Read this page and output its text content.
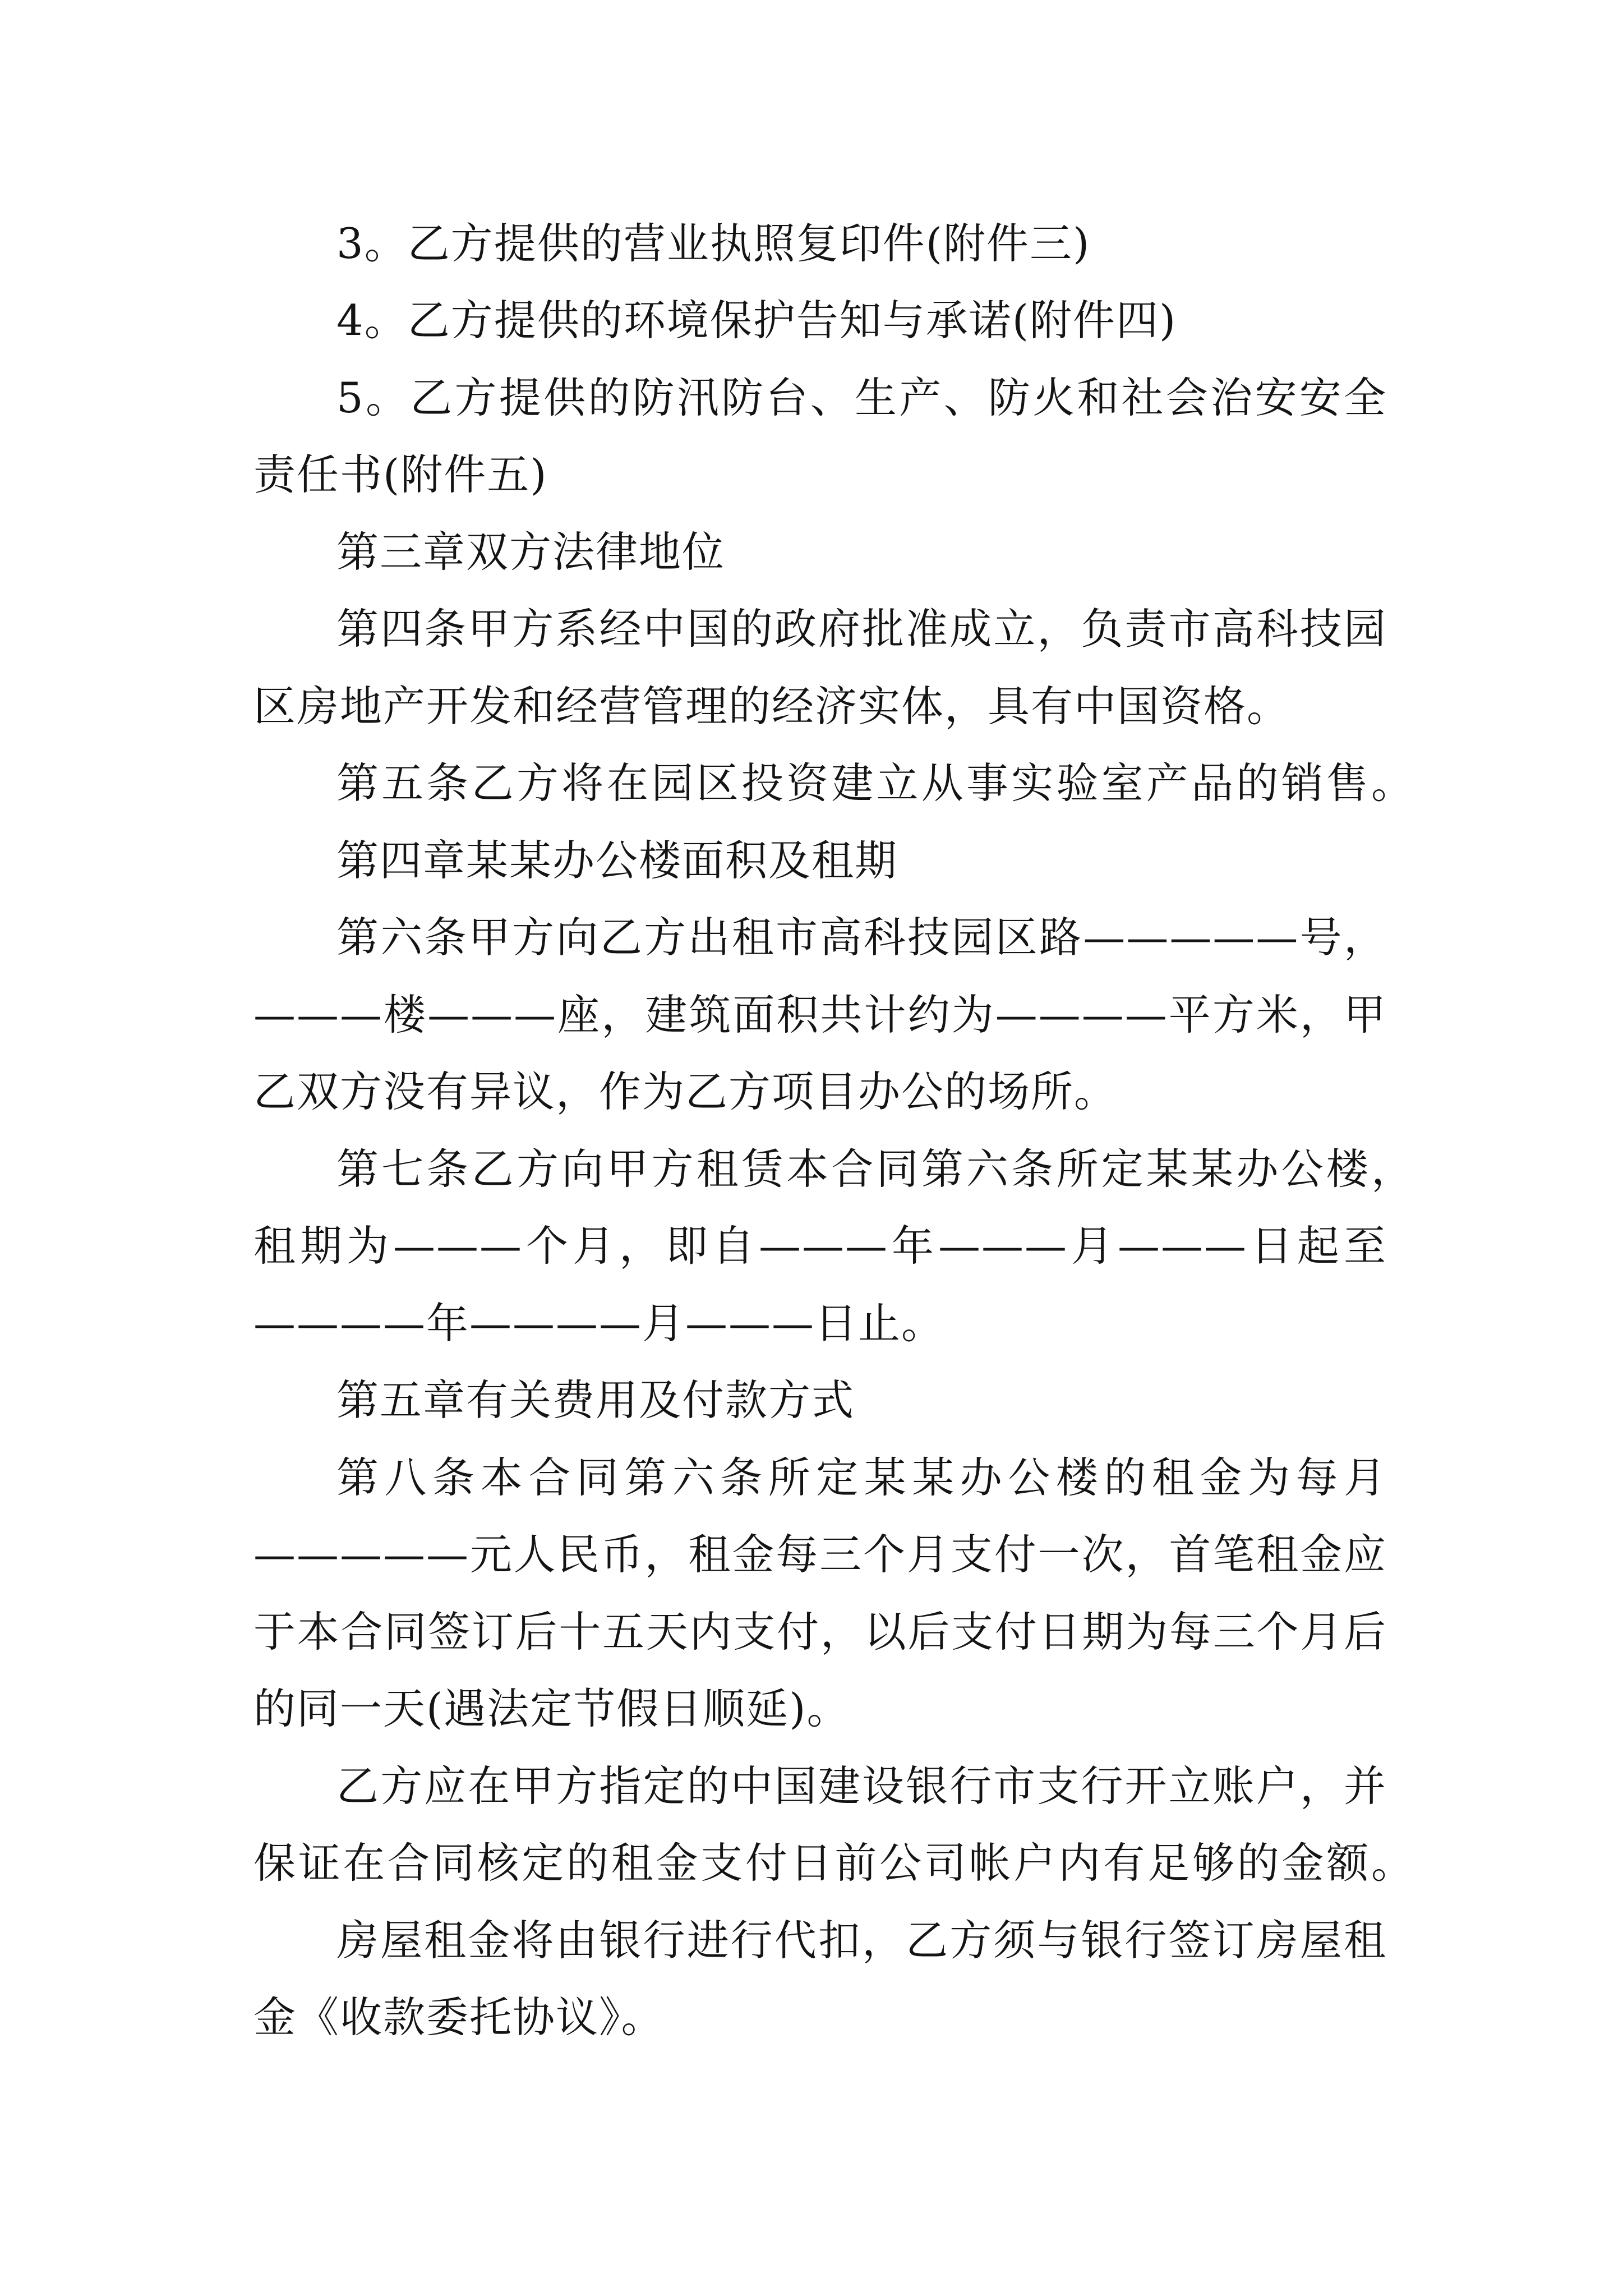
3。乙方提供的营业执照复印件(附件三)
4。乙方提供的环境保护告知与承诺(附件四)
5。乙方提供的防汛防台、生产、防火和社会治安安全
责任书(附件五)
第三章双方法律地位
第四条甲方系经中国的政府批准成立，负责市高科技园
区房地产开发和经营管理的经济实体，具有中国资格。
第五条乙方将在园区投资建立从事实验室产品的销售。
第四章某某办公楼面积及租期
第六条甲方向乙方出租市高科技园区路—————号，
———楼———座，建筑面积共计约为————平方米，甲
乙双方没有异议，作为乙方项目办公的场所。
第七条乙方向甲方租赁本合同第六条所定某某办公楼，
租期为———个月，即自———年———月———日起至
————年————月———日止。
第五章有关费用及付款方式
第八条本合同第六条所定某某办公楼的租金为每月
—————元人民币，租金每三个月支付一次，首笔租金应
于本合同签订后十五天内支付，以后支付日期为每三个月后
的同一天(遇法定节假日顺延)。
乙方应在甲方指定的中国建设银行市支行开立账户，并
保证在合同核定的租金支付日前公司帐户内有足够的金额。
房屋租金将由银行进行代扣，乙方须与银行签订房屋租
金《收款委托协议》。
